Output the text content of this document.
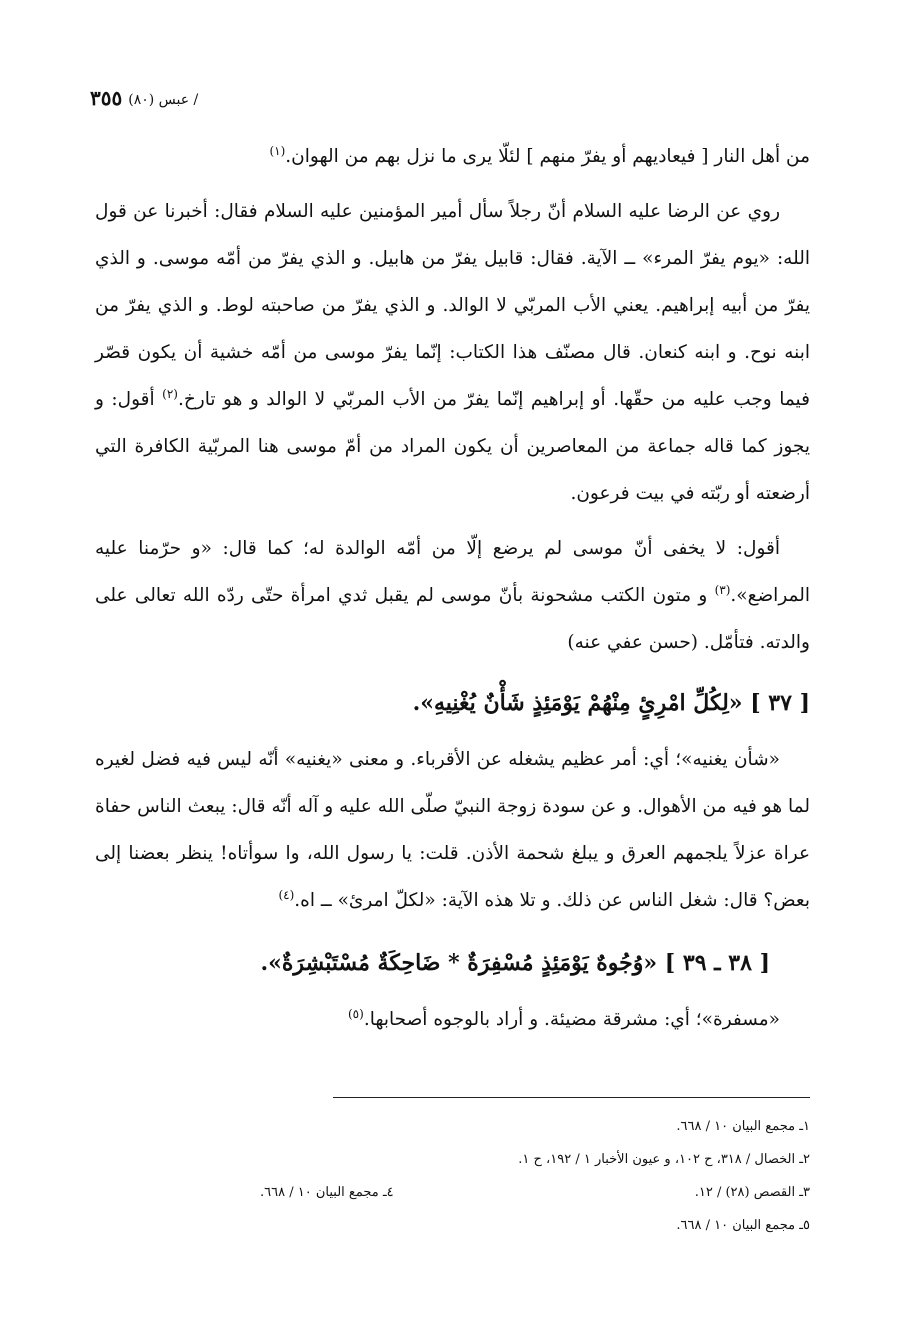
٣٥٥ عبس (٨٠) /

من أهل النار [ فيعاديهم أو يفرّ منهم ] لئلّا يرى ما نزل بهم من الهوان.$^{(١)}$

روي عن الرضا عليه السلام أنّ رجلاً سأل أمير المؤمنين عليه السلام فقال: أخبرنا عن قول الله: «يوم يفرّ المرء» ــ الآية. فقال: قابيل يفرّ من هابيل. و الذي يفرّ من أمّه موسى. و الذي يفرّ من أبيه إبراهيم. يعني الأب المربّي لا الوالد. و الذي يفرّ من صاحبته لوط. و الذي يفرّ من ابنه نوح. و ابنه كنعان. قال مصنّف هذا الكتاب: إنّما يفرّ موسى من أمّه خشية أن يكون قصّر فيما وجب عليه من حقّها. أو إبراهيم إنّما يفرّ من الأب المربّي لا الوالد و هو تارخ.$^{(٢)}$ أقول: و يجوز كما قاله جماعة من المعاصرين أن يكون المراد من أمّ موسى هنا المربّية الكافرة التي أرضعته أو ربّته في بيت فرعون.

أقول: لا يخفى أنّ موسى لم يرضع إلّا من أمّه الوالدة له؛ كما قال: «و حرّمنا عليه المراضع».$^{(٣)}$ و متون الكتب مشحونة بأنّ موسى لم يقبل ثدي امرأة حتّى ردّه الله تعالى على والدته. فتأمّل. (حسن عفي عنه)

[ ٣٧ ] «لِكُلِّ امْرِئٍ مِنْهُمْ يَوْمَئِذٍ شَأْنٌ يُغْنِيهِ».

«شأن يغنيه»؛ أي: أمر عظيم يشغله عن الأقرباء. و معنى «يغنيه» أنّه ليس فيه فضل لغيره لما هو فيه من الأهوال. و عن سودة زوجة النبيّ صلّى الله عليه و آله أنّه قال: يبعث الناس حفاة عراة عزلاً يلجمهم العرق و يبلغ شحمة الأذن. قلت: يا رسول الله، وا سوأتاه! ينظر بعضنا إلى بعض؟ قال: شغل الناس عن ذلك. و تلا هذه الآية: «لكلّ امرئ» ــ اه.$^{(٤)}$

[ ٣٨ ـ ٣٩ ] «وُجُوهٌ يَوْمَئِذٍ مُسْفِرَةٌ * ضَاحِكَةٌ مُسْتَبْشِرَةٌ».

«مسفرة»؛ أي: مشرقة مضيئة. و أراد بالوجوه أصحابها.$^{(٥)}$

١ـ مجمع البيان ١٠ / ٦٦٨.

٢ـ الخصال / ٣١٨، ح ١٠٢، و عيون الأخبار ١ / ١٩٢، ح ١.

٣ـ القصص (٢٨) / ١٢.

٤ـ مجمع البيان ١٠ / ٦٦٨.

٥ـ مجمع البيان ١٠ / ٦٦٨.
